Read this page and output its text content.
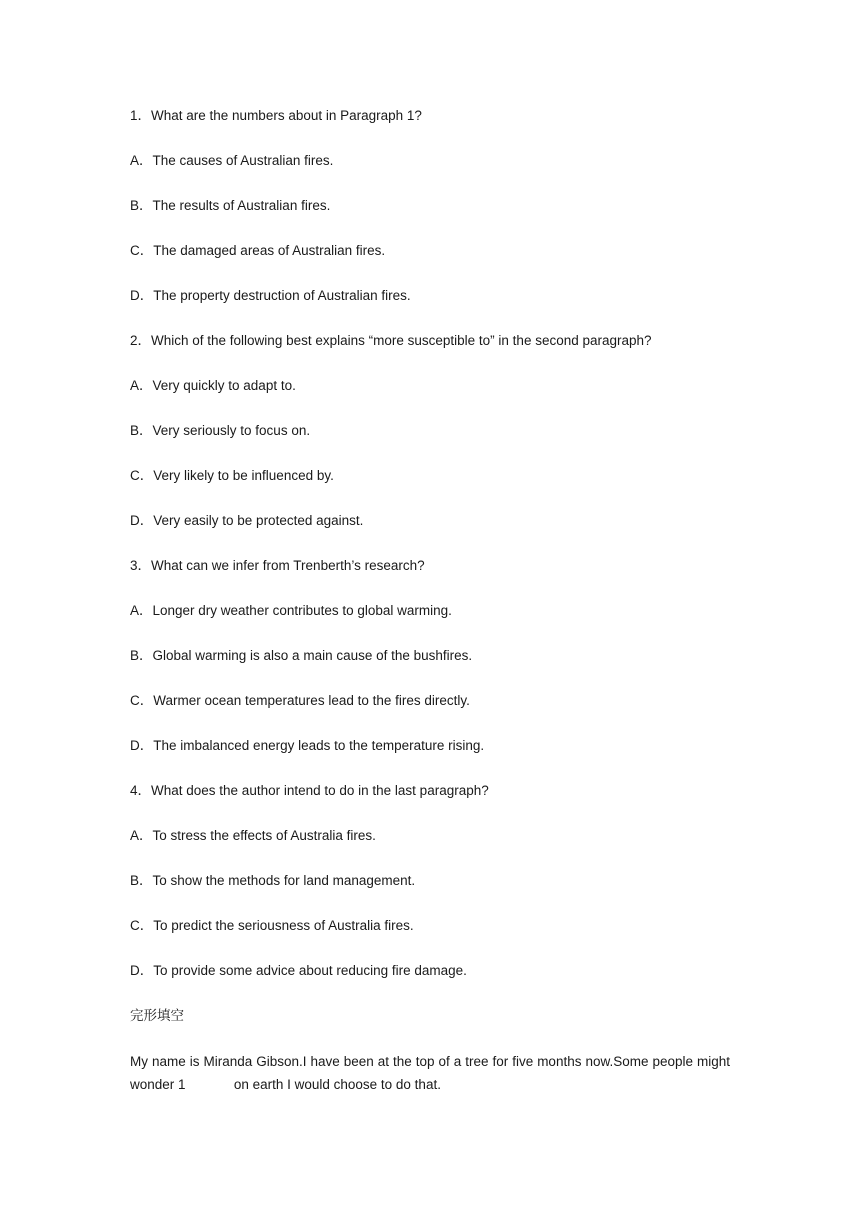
1．What are the numbers about in Paragraph 1?
A．The causes of Australian fires.
B．The results of Australian fires.
C．The damaged areas of Australian fires.
D．The property destruction of Australian fires.
2．Which of the following best explains “more susceptible to” in the second paragraph?
A．Very quickly to adapt to.
B．Very seriously to focus on.
C．Very likely to be influenced by.
D．Very easily to be protected against.
3．What can we infer from Trenberth’s research?
A．Longer dry weather contributes to global warming.
B．Global warming is also a main cause of the bushfires.
C．Warmer ocean temperatures lead to the fires directly.
D．The imbalanced energy leads to the temperature rising.
4．What does the author intend to do in the last paragraph?
A．To stress the effects of Australia fires.
B．To show the methods for land management.
C．To predict the seriousness of Australia fires.
D．To provide some advice about reducing fire damage.
完形填空

My name is Miranda Gibson.I have been at the top of a tree for five months now.Some people might wonder 1	on earth I would choose to do that.
